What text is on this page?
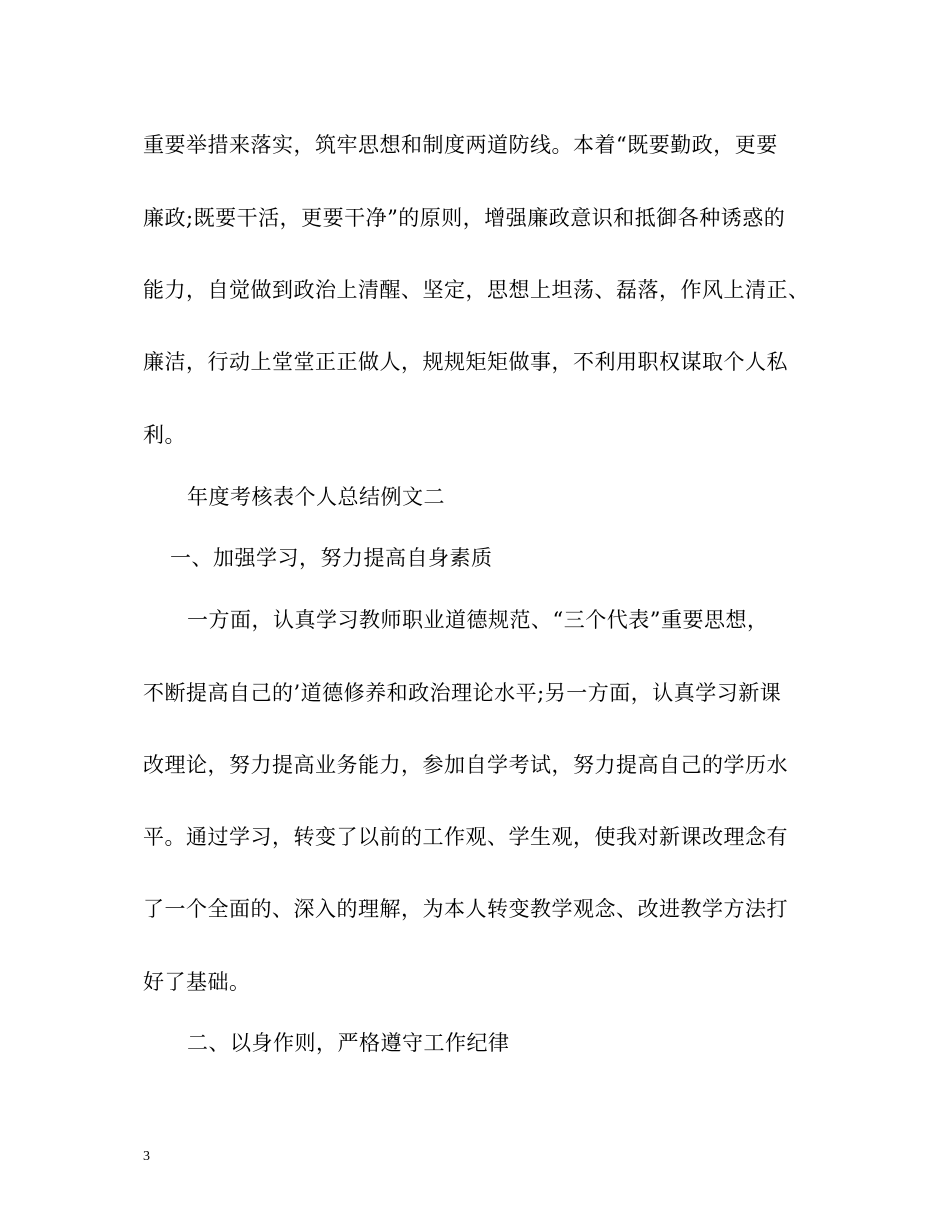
重要举措来落实，筑牢思想和制度两道防线。本着“既要勤政，更要
廉政;既要干活，更要干净”的原则，增强廉政意识和抵御各种诱惑的
能力，自觉做到政治上清醒、坚定，思想上坦荡、磊落，作风上清正、
廉洁，行动上堂堂正正做人，规规矩矩做事，不利用职权谋取个人私
利。
年度考核表个人总结例文二
一、加强学习，努力提高自身素质
一方面，认真学习教师职业道德规范、“三个代表”重要思想，
不断提高自己的’道德修养和政治理论水平;另一方面，认真学习新课
改理论，努力提高业务能力，参加自学考试，努力提高自己的学历水
平。通过学习，转变了以前的工作观、学生观，使我对新课改理念有
了一个全面的、深入的理解，为本人转变教学观念、改进教学方法打
好了基础。
二、以身作则，严格遵守工作纪律
3
